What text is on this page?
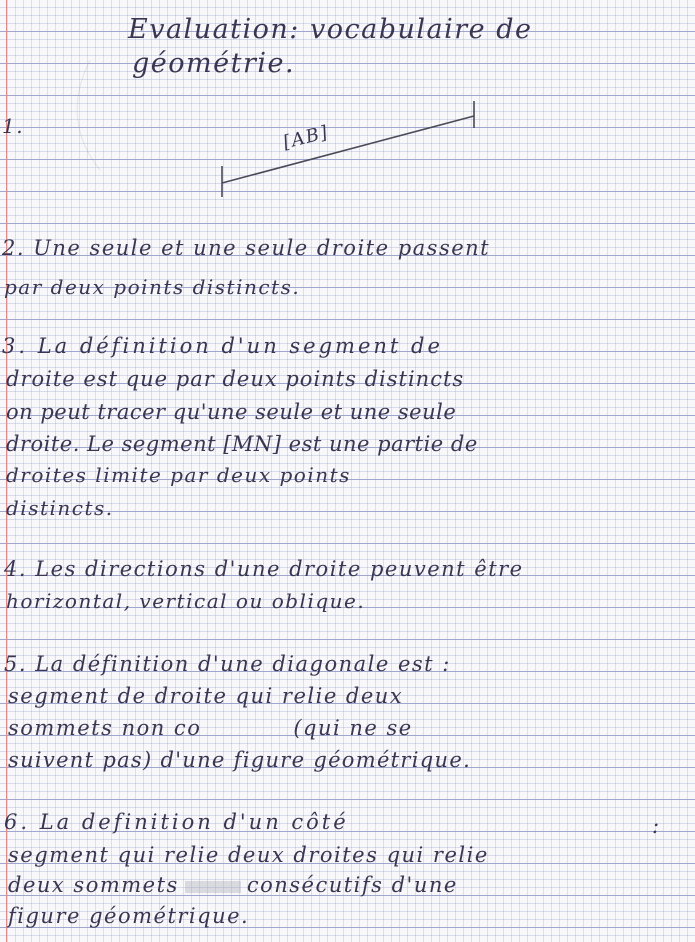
Evaluation: vocabulaire de
géométrie.
1.	[AB]
2. Une seule et une seule droite passent
par deux points distincts.
3. La définition d'un segment de
droite est que par deux points distincts
on peut tracer qu'une seule et une seule
droite. Le segment [MN] est une partie de
droites limite par deux points
distincts.
4. Les directions d'une droite peuvent être
horizontal, vertical ou oblique.
5. La définition d'une diagonale est :
segment de droite qui relie deux
sommets non co	(qui ne se
suivent pas) d'une figure géométrique.
6. La definition d'un côté	:
segment qui relie deux droites qui relie
deux sommets	consécutifs d'une
figure géométrique.
